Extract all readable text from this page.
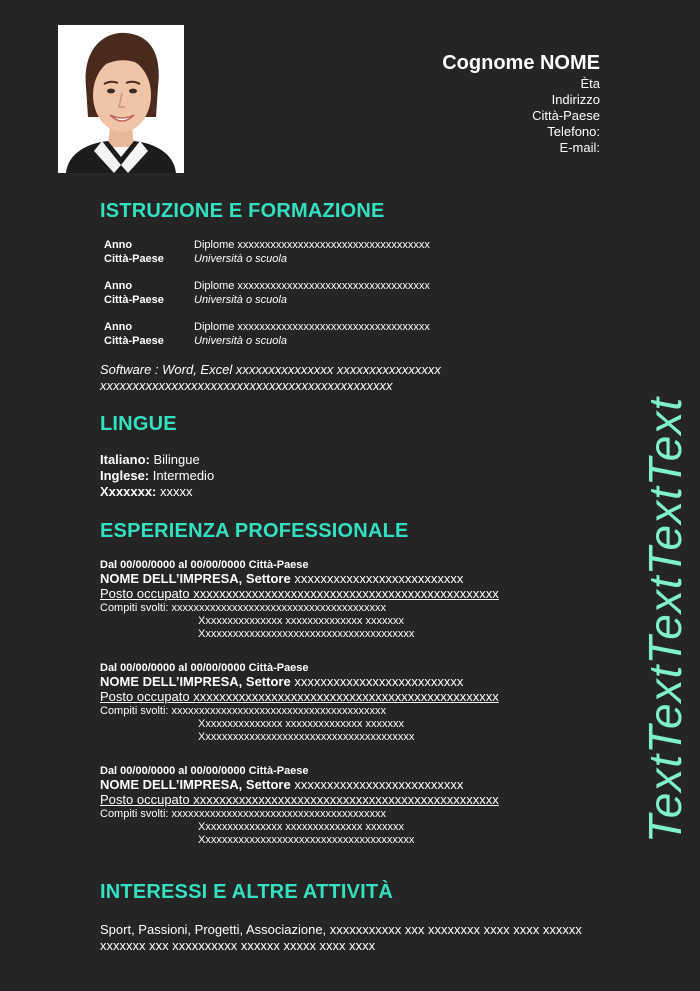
Cognome NOME
Èta
Indirizzo
Città-Paese
Telefono:
E-mail:
ISTRUZIONE E FORMAZIONE
Anno	Diplome xxxxxxxxxxxxxxxxxxxxxxxxxxxxxxxxxxx
Città-Paese	Università o scuola
Anno	Diplome xxxxxxxxxxxxxxxxxxxxxxxxxxxxxxxxxxx
Città-Paese	Università o scuola
Anno	Diplome xxxxxxxxxxxxxxxxxxxxxxxxxxxxxxxxxxx
Città-Paese	Università o scuola
Software : Word, Excel xxxxxxxxxxxxxxx xxxxxxxxxxxxxxxx xxxxxxxxxxxxxxxxxxxxxxxxxxxxxxxxxxxxxxxxxxxxx
LINGUE
Italiano: Bilingue
Inglese: Intermedio
Xxxxxxx: xxxxx
ESPERIENZA PROFESSIONALE
Dal 00/00/0000 al 00/00/0000 Città-Paese
NOME DELL’IMPRESA, Settore xxxxxxxxxxxxxxxxxxxxxxxxxx
Posto occupato xxxxxxxxxxxxxxxxxxxxxxxxxxxxxxxxxxxxxxxxxxxxxxx
Compiti svolti: xxxxxxxxxxxxxxxxxxxxxxxxxxxxxxxxxxxxxxx
Xxxxxxxxxxxxxxx xxxxxxxxxxxxxx xxxxxxx
Xxxxxxxxxxxxxxxxxxxxxxxxxxxxxxxxxxxxxxx
Dal 00/00/0000 al 00/00/0000 Città-Paese
NOME DELL’IMPRESA, Settore xxxxxxxxxxxxxxxxxxxxxxxxxx
Posto occupato xxxxxxxxxxxxxxxxxxxxxxxxxxxxxxxxxxxxxxxxxxxxxxx
Compiti svolti: xxxxxxxxxxxxxxxxxxxxxxxxxxxxxxxxxxxxxxx
Xxxxxxxxxxxxxxx xxxxxxxxxxxxxx xxxxxxx
Xxxxxxxxxxxxxxxxxxxxxxxxxxxxxxxxxxxxxxx
Dal 00/00/0000 al 00/00/0000 Città-Paese
NOME DELL’IMPRESA, Settore xxxxxxxxxxxxxxxxxxxxxxxxxx
Posto occupato xxxxxxxxxxxxxxxxxxxxxxxxxxxxxxxxxxxxxxxxxxxxxxx
Compiti svolti: xxxxxxxxxxxxxxxxxxxxxxxxxxxxxxxxxxxxxxx
Xxxxxxxxxxxxxxx xxxxxxxxxxxxxx xxxxxxx
Xxxxxxxxxxxxxxxxxxxxxxxxxxxxxxxxxxxxxxx
INTERESSI E ALTRE ATTIVITÀ
Sport, Passioni, Progetti, Associazione, xxxxxxxxxxx xxx xxxxxxxx xxxx xxxx xxxxxx xxxxxxx xxx xxxxxxxxxx xxxxxx xxxxx xxxx xxxx
TextTextTextTextText
